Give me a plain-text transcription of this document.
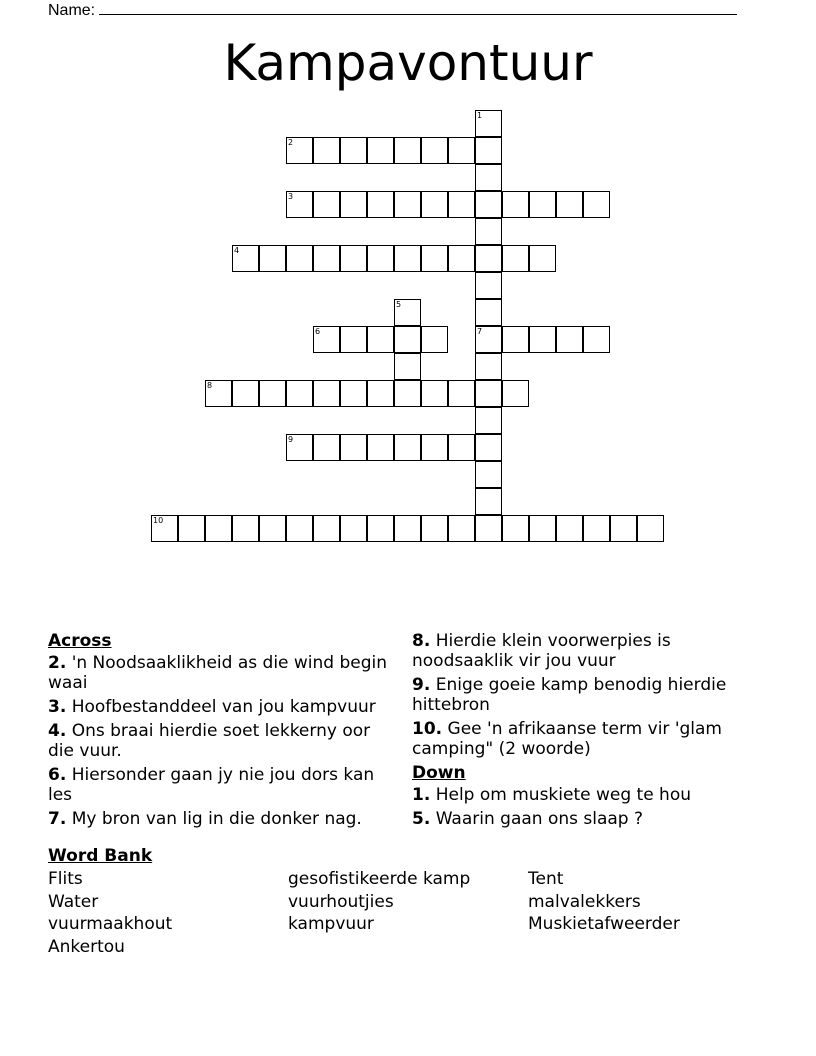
Name:
Kampavontuur
1
7
2
3
4
5
6
8
9
10
Across
2. 'n Noodsaaklikheid as die wind begin waai
3. Hoofbestanddeel van jou kampvuur
4. Ons braai hierdie soet lekkerny oor die vuur.
6. Hiersonder gaan jy nie jou dors kan les
7. My bron van lig in die donker nag.
8. Hierdie klein voorwerpies is noodsaaklik vir jou vuur
9. Enige goeie kamp benodig hierdie hittebron
10. Gee 'n afrikaanse term vir 'glam camping" (2 woorde)
Down
1. Help om muskiete weg te hou
5. Waarin gaan ons slaap ?
Word Bank
Flits	gesofistikeerde kamp	Tent
Water	vuurhoutjies	malvalekkers
vuurmaakhout	kampvuur	Muskietafweerder
Ankertou
